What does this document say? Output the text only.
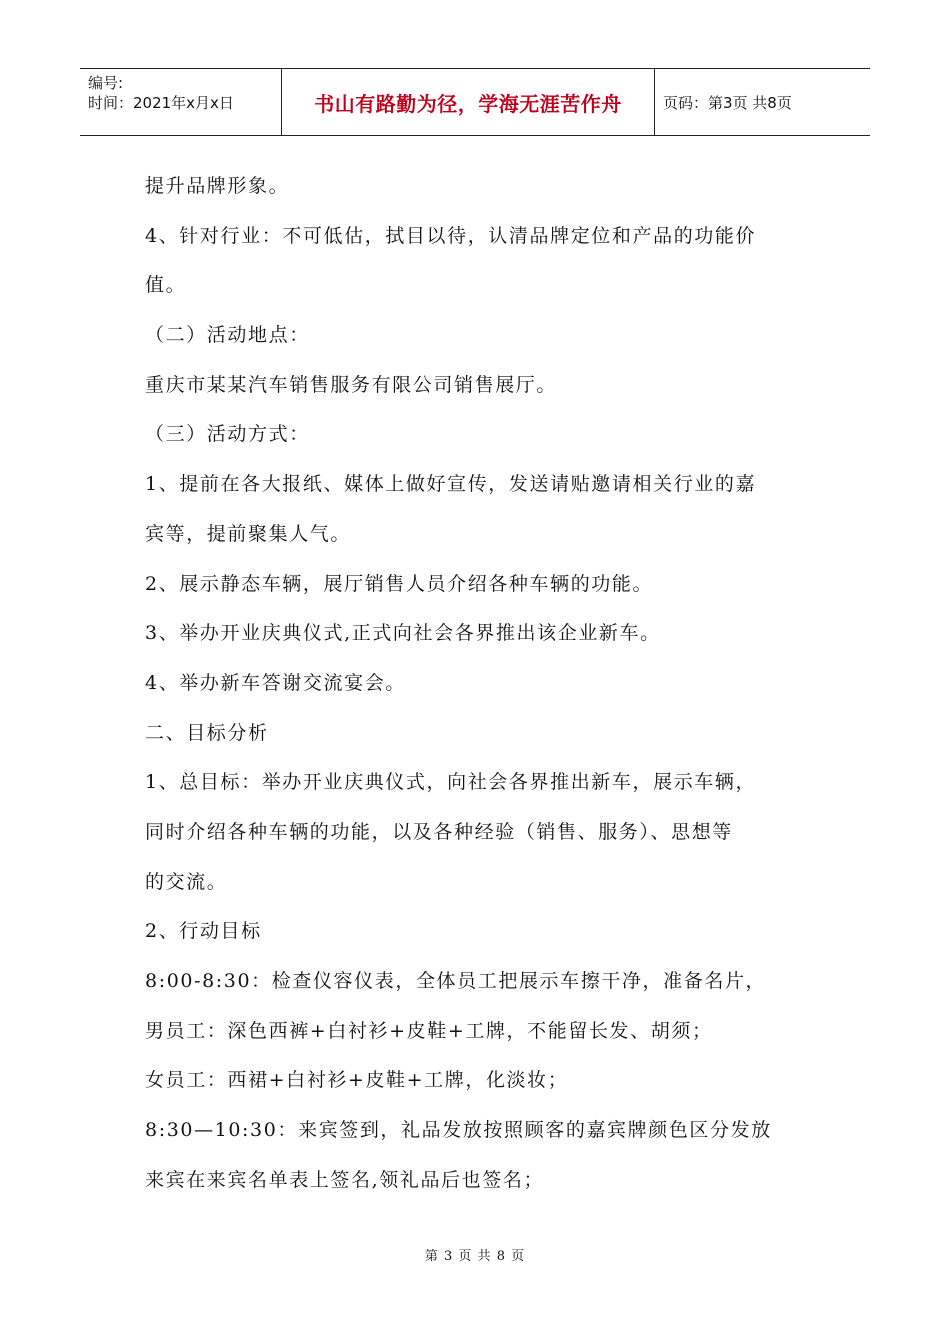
编号:
时间：2021年x月x日	书山有路勤为径，学海无涯苦作舟	页码：第3页 共8页
提升品牌形象。
4、针对行业：不可低估，拭目以待，认清品牌定位和产品的功能价
值。
（二）活动地点：
重庆市某某汽车销售服务有限公司销售展厅。
（三）活动方式：
1、提前在各大报纸、媒体上做好宣传，发送请贴邀请相关行业的嘉
宾等，提前聚集人气。
2、展示静态车辆，展厅销售人员介绍各种车辆的功能。
3、举办开业庆典仪式,正式向社会各界推出该企业新车。
4、举办新车答谢交流宴会。
二、目标分析
1、总目标：举办开业庆典仪式，向社会各界推出新车，展示车辆，
同时介绍各种车辆的功能，以及各种经验（销售、服务）、思想等
的交流。
2、行动目标
8:00-8:30：检查仪容仪表，全体员工把展示车擦干净，准备名片，
男员工：深色西裤+白衬衫+皮鞋+工牌，不能留长发、胡须；
女员工：西裙+白衬衫+皮鞋+工牌，化淡妆；
8:30—10:30：来宾签到，礼品发放按照顾客的嘉宾牌颜色区分发放
来宾在来宾名单表上签名,领礼品后也签名；
第 3 页 共 8 页
